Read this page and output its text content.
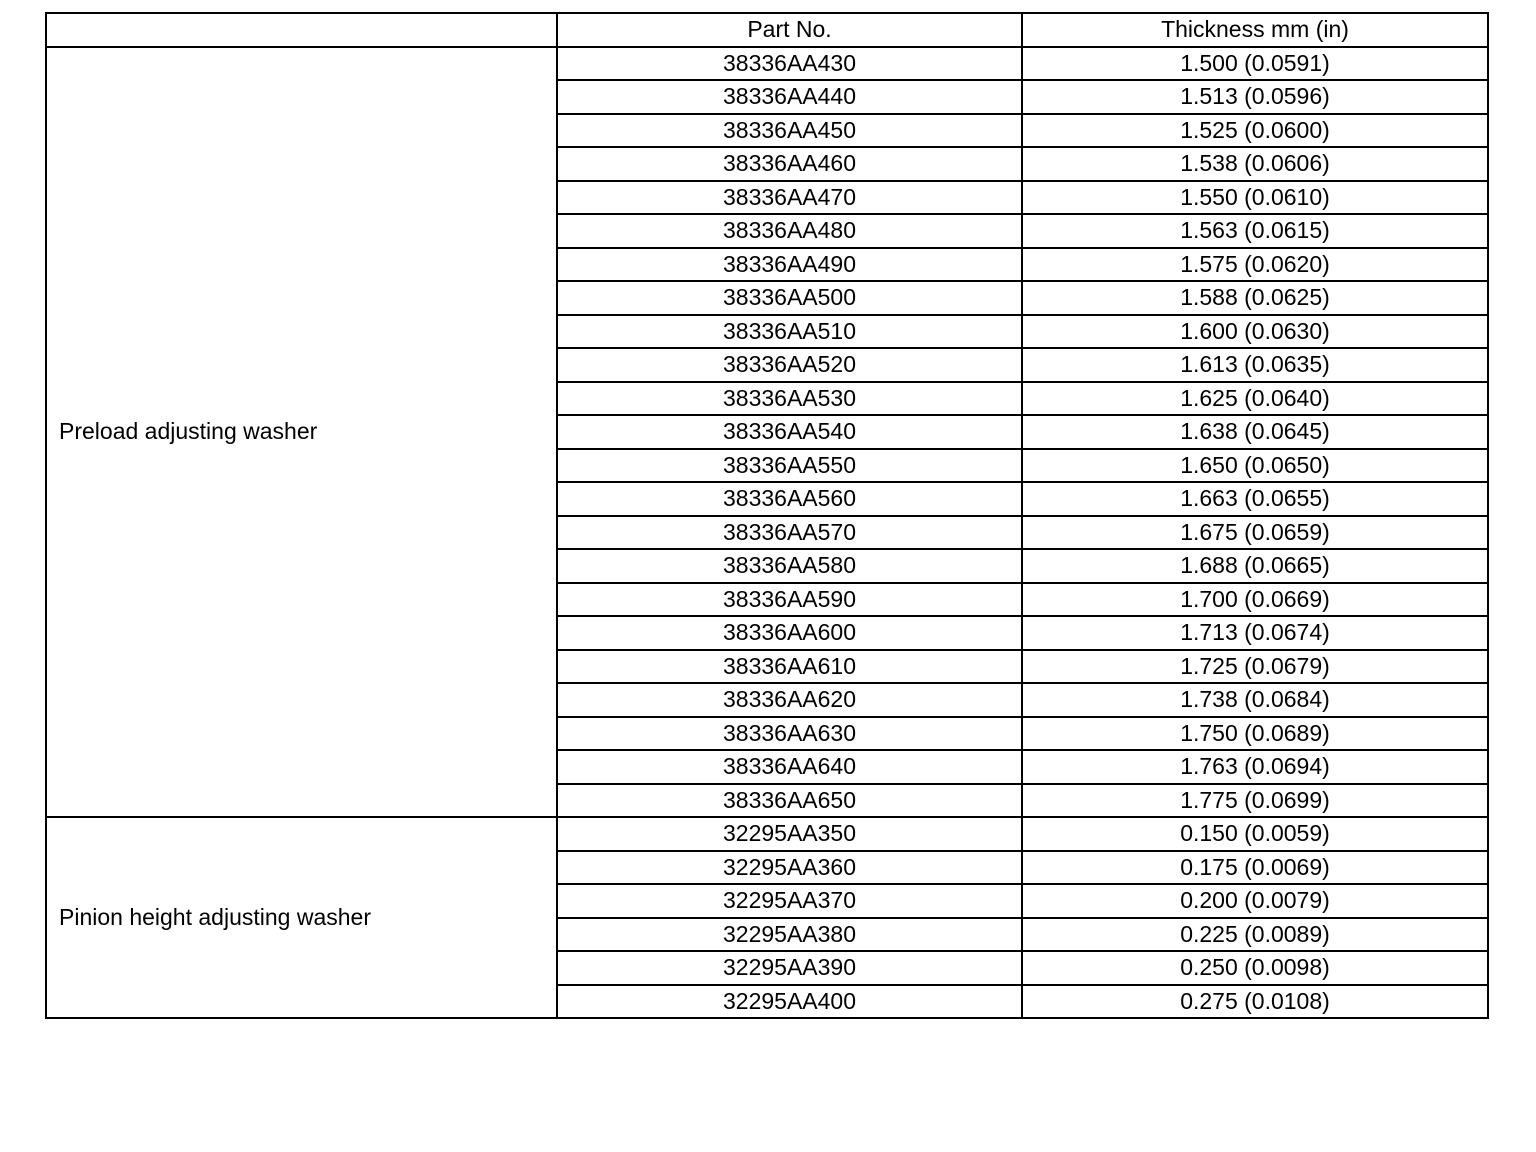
	Part No.	Thickness mm (in)
Preload adjusting washer	38336AA430	1.500 (0.0591)
	38336AA440	1.513 (0.0596)
	38336AA450	1.525 (0.0600)
	38336AA460	1.538 (0.0606)
	38336AA470	1.550 (0.0610)
	38336AA480	1.563 (0.0615)
	38336AA490	1.575 (0.0620)
	38336AA500	1.588 (0.0625)
	38336AA510	1.600 (0.0630)
	38336AA520	1.613 (0.0635)
	38336AA530	1.625 (0.0640)
	38336AA540	1.638 (0.0645)
	38336AA550	1.650 (0.0650)
	38336AA560	1.663 (0.0655)
	38336AA570	1.675 (0.0659)
	38336AA580	1.688 (0.0665)
	38336AA590	1.700 (0.0669)
	38336AA600	1.713 (0.0674)
	38336AA610	1.725 (0.0679)
	38336AA620	1.738 (0.0684)
	38336AA630	1.750 (0.0689)
	38336AA640	1.763 (0.0694)
	38336AA650	1.775 (0.0699)
Pinion height adjusting washer	32295AA350	0.150 (0.0059)
	32295AA360	0.175 (0.0069)
	32295AA370	0.200 (0.0079)
	32295AA380	0.225 (0.0089)
	32295AA390	0.250 (0.0098)
	32295AA400	0.275 (0.0108)
